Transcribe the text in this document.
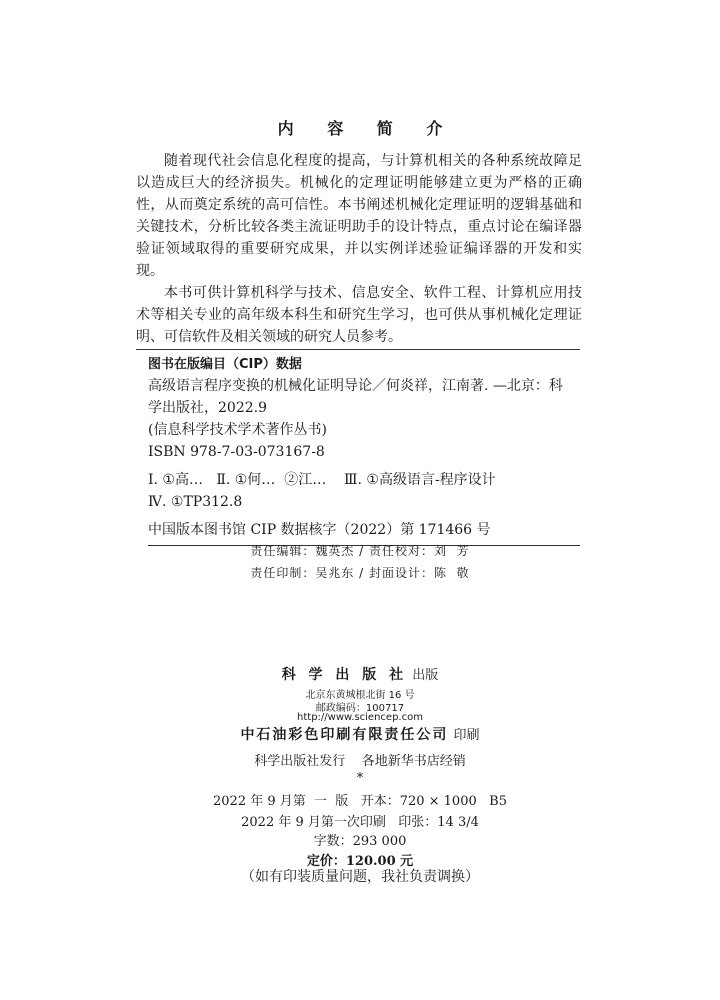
内 容 简 介

随着现代社会信息化程度的提高，与计算机相关的各种系统故障足以造成巨大的经济损失。机械化的定理证明能够建立更为严格的正确性，从而奠定系统的高可信性。本书阐述机械化定理证明的逻辑基础和关键技术，分析比较各类主流证明助手的设计特点，重点讨论在编译器验证领域取得的重要研究成果，并以实例详述验证编译器的开发和实现。

本书可供计算机科学与技术、信息安全、软件工程、计算机应用技术等相关专业的高年级本科生和研究生学习，也可供从事机械化定理证明、可信软件及相关领域的研究人员参考。

图书在版编目（CIP）数据
高级语言程序变换的机械化证明导论／何炎祥，江南著. —北京：科
学出版社，2022.9
(信息科学技术学术著作丛书)
ISBN 978-7-03-073167-8
Ⅰ. ①高…   Ⅱ. ①何…  ②江…    Ⅲ. ①高级语言-程序设计
Ⅳ. ①TP312.8
中国版本图书馆 CIP 数据核字（2022）第 171466 号
责任编辑：魏英杰 / 责任校对：刘  芳
责任印制：吴兆东 / 封面设计：陈  敬
科 学 出 版 社 出版
北京东黄城根北街 16 号
邮政编码：100717
http://www.sciencep.com
中石油彩色印刷有限责任公司 印刷
科学出版社发行    各地新华书店经销
*
2022 年 9 月第  一  版   开本：720 × 1000   B5
2022 年 9 月第一次印刷   印张：14 3/4
字数：293 000
定价：120.00 元
（如有印装质量问题，我社负责调换）
